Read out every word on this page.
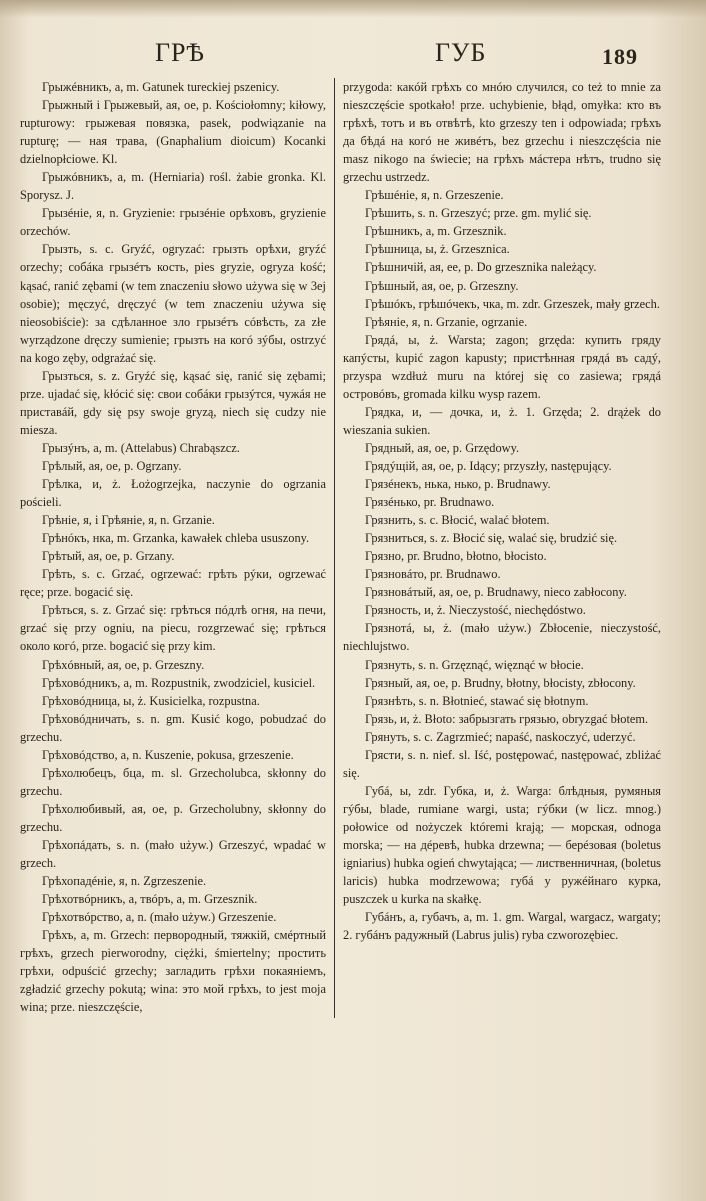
ГРѢ	ГУБ	189

Грыжéвникъ, a, m. Gatunek tureckiej pszenicy.

Грыжный i Грыжевый, ая, ое, p. Kościołomny; kiłowy, rupturowy: грыжевая повязка, pasek, podwiązanie na rupturę; — ная трава, (Gnaphalium dioicum) Kocanki dzielnopłciowe. Kl.

Грыжóвникъ, a, m. (Herniaria) rośl. żabie gronka. Kl. Sporysz. J.

Грызéніе, я, n. Gryzienie: грызéніе орѣховъ, gryzienie orzechów.

Грызть, s. c. Gryźć, ogryzać: грызть орѣхи, gryźć orzechy; собáка грызéтъ кость, pies gryzie, ogryza kość; kąsać, ranić zębami (w tem znaczeniu słowo używa się w 3ej osobie); męczyć, dręczyć (w tem znaczeniu używa się nieosobiście): за сдѣланное зло грызéтъ сóвѣсть, za złe wyrządzone dręczy sumienie; грызть на когó зýбы, ostrzyć na kogo zęby, odgrażać się.

Грызться, s. z. Gryźć się, kąsać się, ranić się zębami; prze. ujadać się, kłócić się: свои собáки грызýтся, чужáя не приставáй, gdy się psy swoje gryzą, niech się cudzy nie miesza.

Грызýнъ, a, m. (Attelabus) Chrabąszcz.

Грѣлый, ая, ое, p. Ogrzany.

Грѣлка, и, ż. Łożogrzejka, naczynie do ogrzania pościeli.

Грѣніе, я, i Грѣяніе, я, n. Grzanie.

Грѣнóкъ, нка, m. Grzanka, kawałek chleba ususzony.

Грѣтый, ая, ое, p. Grzany.

Грѣть, s. c. Grzać, ogrzewać: грѣть рýки, ogrzewać ręce; prze. bogacić się.

Грѣться, s. z. Grzać się: грѣться пóдлѣ огня, на печи, grzać się przy ogniu, na piecu, rozgrzewać się; грѣться около когó, prze. bogacić się przy kim.

Грѣхóвный, ая, ое, p. Grzeszny.

Грѣховóдникъ, a, m. Rozpustnik, zwodziciel, kusiciel.

Грѣховóдница, ы, ż. Kusicielka, rozpustna.

Грѣховóдничать, s. n. gm. Kusić kogo, pobudzać do grzechu.

Грѣховóдство, a, n. Kuszenie, pokusa, grzeszenie.

Грѣхолюбецъ, бца, m. sl. Grzecholubca, skłonny do grzechu.

Грѣхолюбивый, ая, ое, p. Grzecholubny, skłonny do grzechu.

Грѣхопáдать, s. n. (mało używ.) Grzeszyć, wpadać w grzech.

Грѣхопадéніе, я, n. Zgrzeszenie.

Грѣхотвóрникъ, a, твóръ, a, m. Grzesznik.

Грѣхотвóрство, a, n. (mało używ.) Grzeszenie.

Грѣхъ, a, m. Grzech: первородный, тяжкій, смéртный грѣхъ, grzech pierworodny, ciężki, śmiertelny; простить грѣхи, odpuścić grzechy; загладить грѣхи покаяніемъ, zgładzić grzechy pokutą; wina: это мой грѣхъ, to jest moja wina; prze. nieszczęście,

przygoda: какóй грѣхъ со мнóю случилcя, co też to mnie za nieszczęście spotkało! prze. uchybienie, błąd, omyłka: кто въ грѣхѣ, тотъ и въ отвѣтѣ, kto grzeszy ten i odpowiada; грѣхъ да бѣдá на когó не живéтъ, bez grzechu i nieszczęścia nie masz nikogo na świecie; на грѣхъ мáстера нѣтъ, trudno się grzechu ustrzedz.

Грѣшéніе, я, n. Grzeszenie.

Грѣшить, s. n. Grzeszyć; prze. gm. mylić się.

Грѣшникъ, a, m. Grzesznik.

Грѣшница, ы, ż. Grzesznica.

Грѣшничій, ая, ее, p. Do grzesznika należący.

Грѣшный, ая, ое, p. Grzeszny.

Грѣшóкъ, грѣшóчекъ, чка, m. zdr. Grzeszek, mały grzech.

Грѣяніе, я, n. Grzanie, ogrzanie.

Грядá, ы, ż. Warsta; zagon; grzęda: купить гряду капýсты, kupić zagon kapusty; пристѣнная грядá въ садý, przyspa wzdłuż muru na której się co zasiewa; грядá островóвъ, gromada kilku wysp razem.

Грядка, и, — дочка, и, ż. 1. Grzęda; 2. drążek do wieszania sukien.

Грядный, ая, ое, p. Grzędowy.

Грядýщій, ая, ое, p. Idący; przyszły, następujący.

Грязéнекъ, нька, нько, p. Brudnawy.

Грязéнько, pr. Brudnawo.

Грязнить, s. c. Błocić, walać błotem.

Грязниться, s. z. Błocić się, walać się, brudzić się.

Грязно, pr. Brudno, błotno, błocisto.

Грязновáто, pr. Brudnawo.

Грязновáтый, ая, ое, p. Brudnawy, nieco zabłocony.

Грязность, и, ż. Nieczystość, niechędóstwo.

Грязнотá, ы, ż. (mało używ.) Zbłocenie, nieczystość, niechlujstwo.

Грязнуть, s. n. Grzęznąć, więznąć w błocie.

Грязный, ая, ое, p. Brudny, błotny, błocisty, zbłocony.

Грязнѣть, s. n. Błotnieć, stawać się błotnym.

Грязь, и, ż. Błoto: забрызгать грязью, obryzgać błotem.

Грянуть, s. c. Zagrzmieć; napaść, naskoczyć, uderzyć.

Грясти, s. n. nief. sl. Iść, postępować, następować, zbliżać się.

Губá, ы, zdr. Губка, и, ż. Warga: блѣдныя, румяныя гýбы, blade, rumiane wargi, usta; гýбки (w licz. mnog.) połowice od nożyczek któremi krają; — морская, odnoga morska; — на дéревѣ, hubka drzewna; — берéзовая (boletus igniarius) hubka ogień chwytająca; — лиственничная, (boletus laricis) hubka modrzewowa; губá у ружéйнаго курка, puszczek u kurka na skałkę.

Губáнъ, a, губачъ, a, m. 1. gm. Wargal, wargacz, wargaty; 2. губáнъ радужный (Labrus julis) ryba czworozębiec.
